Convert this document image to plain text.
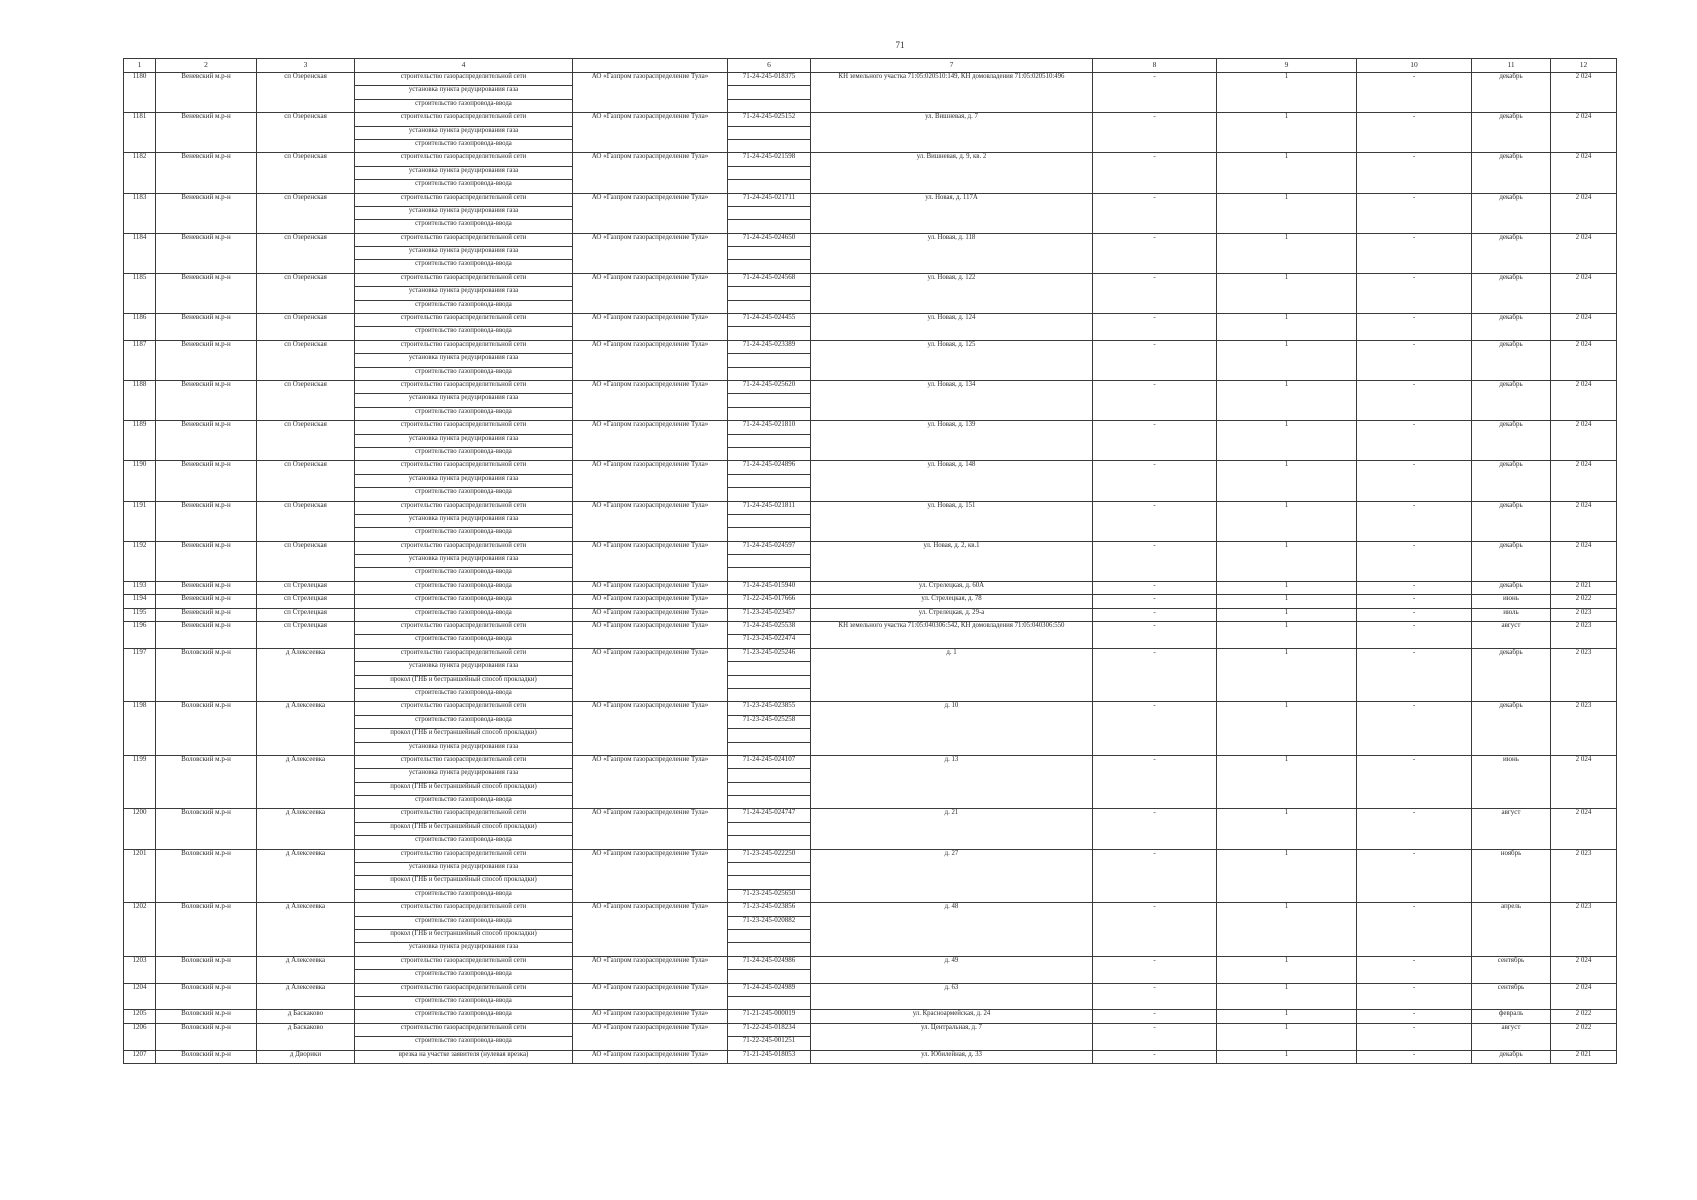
71
1	2	3	4		6	7	8	9	10	11	12
1180	Веневский м.р-н	сп Озеренская	строительство газораспределительной сети	АО «Газпром газораспределение Тула»	71-24-245-018375	КН земельного участка 71:05:020510:149, КН домовладения 71:05:020510:496	-	1	-	декабрь	2 024
			установка пункта редуцирования газа								
			строительство газопровода-ввода								
1181	Веневский м.р-н	сп Озеренская	строительство газораспределительной сети	АО «Газпром газораспределение Тула»	71-24-245-025152	ул. Вишневая, д. 7	-	1	-	декабрь	2 024
			установка пункта редуцирования газа								
			строительство газопровода-ввода								
1182	Веневский м.р-н	сп Озеренская	строительство газораспределительной сети	АО «Газпром газораспределение Тула»	71-24-245-021598	ул. Вишневая, д. 9, кв. 2	-	1	-	декабрь	2 024
			установка пункта редуцирования газа								
			строительство газопровода-ввода								
1183	Веневский м.р-н	сп Озеренская	строительство газораспределительной сети	АО «Газпром газораспределение Тула»	71-24-245-021711	ул. Новая, д. 117А	-	1	-	декабрь	2 024
			установка пункта редуцирования газа								
			строительство газопровода-ввода								
1184	Веневский м.р-н	сп Озеренская	строительство газораспределительной сети	АО «Газпром газораспределение Тула»	71-24-245-024650	ул. Новая, д. 118	-	1	-	декабрь	2 024
			установка пункта редуцирования газа								
			строительство газопровода-ввода								
1185	Веневский м.р-н	сп Озеренская	строительство газораспределительной сети	АО «Газпром газораспределение Тула»	71-24-245-024568	ул. Новая, д. 122	-	1	-	декабрь	2 024
			установка пункта редуцирования газа								
			строительство газопровода-ввода								
1186	Веневский м.р-н	сп Озеренская	строительство газораспределительной сети	АО «Газпром газораспределение Тула»	71-24-245-024455	ул. Новая, д. 124	-	1	-	декабрь	2 024
			строительство газопровода-ввода								
1187	Веневский м.р-н	сп Озеренская	строительство газораспределительной сети	АО «Газпром газораспределение Тула»	71-24-245-023389	ул. Новая, д. 125	-	1	-	декабрь	2 024
			установка пункта редуцирования газа								
			строительство газопровода-ввода								
1188	Веневский м.р-н	сп Озеренская	строительство газораспределительной сети	АО «Газпром газораспределение Тула»	71-24-245-025620	ул. Новая, д. 134	-	1	-	декабрь	2 024
			установка пункта редуцирования газа								
			строительство газопровода-ввода								
1189	Веневский м.р-н	сп Озеренская	строительство газораспределительной сети	АО «Газпром газораспределение Тула»	71-24-245-021810	ул. Новая, д. 139	-	1	-	декабрь	2 024
			установка пункта редуцирования газа								
			строительство газопровода-ввода								
1190	Веневский м.р-н	сп Озеренская	строительство газораспределительной сети	АО «Газпром газораспределение Тула»	71-24-245-024896	ул. Новая, д. 148	-	1	-	декабрь	2 024
			установка пункта редуцирования газа								
			строительство газопровода-ввода								
1191	Веневский м.р-н	сп Озеренская	строительство газораспределительной сети	АО «Газпром газораспределение Тула»	71-24-245-021811	ул. Новая, д. 151	-	1	-	декабрь	2 024
			установка пункта редуцирования газа								
			строительство газопровода-ввода								
1192	Веневский м.р-н	сп Озеренская	строительство газораспределительной сети	АО «Газпром газораспределение Тула»	71-24-245-024597	ул. Новая, д. 2, кв.1	-	1	-	декабрь	2 024
			установка пункта редуцирования газа								
			строительство газопровода-ввода								
1193	Веневский м.р-н	сп Стрелецкая	строительство газопровода-ввода	АО «Газпром газораспределение Тула»	71-24-245-015940	ул. Стрелецкая, д. 60А	-	1	-	декабрь	2 021
1194	Веневский м.р-н	сп Стрелецкая	строительство газопровода-ввода	АО «Газпром газораспределение Тула»	71-22-245-017666	ул. Стрелецкая, д. 78	-	1	-	июнь	2 022
1195	Веневский м.р-н	сп Стрелецкая	строительство газопровода-ввода	АО «Газпром газораспределение Тула»	71-23-245-023457	ул. Стрелецкая, д. 29-а	-	1	-	июль	2 023
1196	Веневский м.р-н	сп Стрелецкая	строительство газораспределительной сети	АО «Газпром газораспределение Тула»	71-24-245-025538	КН земельного участка 71:05:040306:542, КН домовладения 71:05:040306:550	-	1	-	август	2 023
			строительство газопровода-ввода		71-23-245-022474						
1197	Воловский м.р-н	д Алексеевка	строительство газораспределительной сети	АО «Газпром газораспределение Тула»	71-23-245-025246	д. 1	-	1	-	декабрь	2 023
			установка пункта редуцирования газа								
			прокол (ГНБ и бестраншейный способ прокладки)								
			строительство газопровода-ввода								
1198	Воловский м.р-н	д Алексеевка	строительство газораспределительной сети	АО «Газпром газораспределение Тула»	71-23-245-023855	д. 10	-	1	-	декабрь	2 023
			строительство газопровода-ввода		71-23-245-025258						
			прокол (ГНБ и бестраншейный способ прокладки)								
			установка пункта редуцирования газа								
1199	Воловский м.р-н	д Алексеевка	строительство газораспределительной сети	АО «Газпром газораспределение Тула»	71-24-245-024107	д. 13	-	1	-	июнь	2 024
			установка пункта редуцирования газа								
			прокол (ГНБ и бестраншейный способ прокладки)								
			строительство газопровода-ввода								
1200	Воловский м.р-н	д Алексеевка	строительство газораспределительной сети	АО «Газпром газораспределение Тула»	71-24-245-024747	д. 21	-	1	-	август	2 024
			прокол (ГНБ и бестраншейный способ прокладки)								
			строительство газопровода-ввода								
1201	Воловский м.р-н	д Алексеевка	строительство газораспределительной сети	АО «Газпром газораспределение Тула»	71-23-245-022250	д. 27	-	1	-	ноябрь	2 023
			установка пункта редуцирования газа								
			прокол (ГНБ и бестраншейный способ прокладки)								
			строительство газопровода-ввода		71-23-245-025650						
1202	Воловский м.р-н	д Алексеевка	строительство газораспределительной сети	АО «Газпром газораспределение Тула»	71-23-245-023856	д. 48	-	1	-	апрель	2 023
			строительство газопровода-ввода		71-23-245-020882						
			прокол (ГНБ и бестраншейный способ прокладки)								
			установка пункта редуцирования газа								
1203	Воловский м.р-н	д Алексеевка	строительство газораспределительной сети	АО «Газпром газораспределение Тула»	71-24-245-024986	д. 49	-	1	-	сентябрь	2 024
			строительство газопровода-ввода								
1204	Воловский м.р-н	д Алексеевка	строительство газораспределительной сети	АО «Газпром газораспределение Тула»	71-24-245-024989	д. 63	-	1	-	сентябрь	2 024
			строительство газопровода-ввода								
1205	Воловский м.р-н	д Баскаково	строительство газопровода-ввода	АО «Газпром газораспределение Тула»	71-21-245-000019	ул. Красноармейская, д. 24	-	1	-	февраль	2 022
1206	Воловский м.р-н	д Баскаково	строительство газораспределительной сети	АО «Газпром газораспределение Тула»	71-22-245-018234	ул. Центральная, д. 7	-	1	-	август	2 022
			строительство газопровода-ввода		71-22-245-001251						
1207	Воловский м.р-н	д Дворики	врезка на участке заявителя (нулевая врезка)	АО «Газпром газораспределение Тула»	71-21-245-018053	ул. Юбилейная, д. 33	-	1	-	декабрь	2 021
